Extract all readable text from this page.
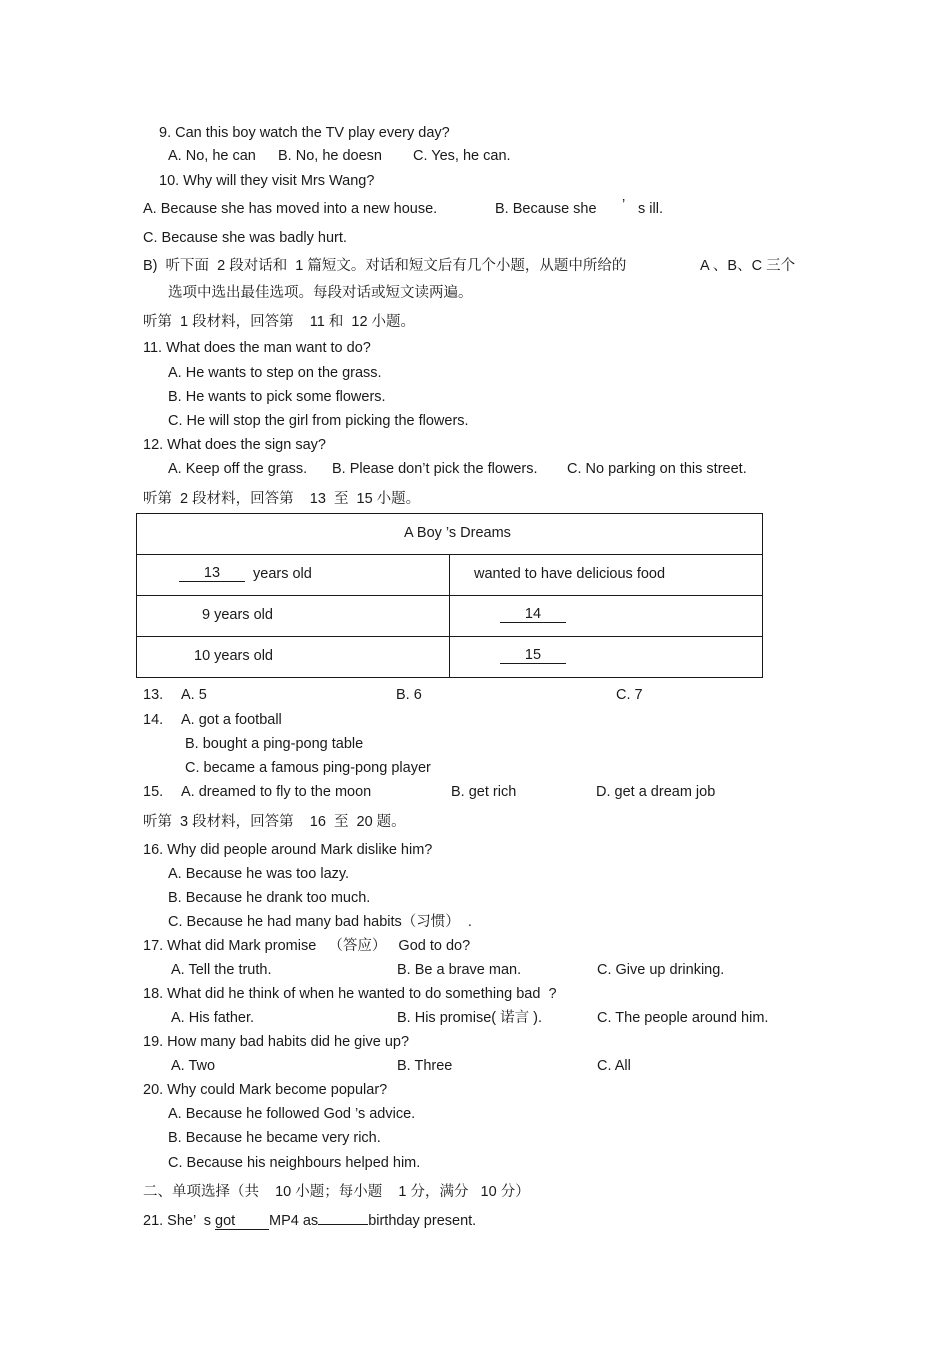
9. Can this boy watch the TV play every day?
A. No, he can B. No, he doesn C. Yes, he can.
10. Why will they visit Mrs Wang?
A. Because she has moved into a new house.	B. Because she ’ s ill.
C. Because she was badly hurt.
B)  听下面  2 段对话和  1 篇短文。对话和短文后有几个小题，从题中所给的	A 、B、C 三个
选项中选出最佳选项。每段对话或短文读两遍。
听第  1 段材料，回答第    11 和  12 小题。
11. What does the man want to do?
A. He wants to step on the grass.
B. He wants to pick some flowers.
C. He will stop the girl from picking the flowers.
12. What does the sign say?
A. Keep off the grass. B. Please don’t pick the flowers. C. No parking on this street.
听第  2 段材料，回答第    13  至  15 小题。
A Boy ’s Dreams	

13 years old	wanted to have delicious food

9 years old	14

10 years old	15
13. A. 5	B. 6	C. 7
14. A. got a football
B. bought a ping-pong table
C. became a famous ping-pong player
15. A. dreamed to fly to the moon	B. get rich	D. get a dream job
听第  3 段材料，回答第    16  至  20 题。
16. Why did people around Mark dislike him?
A. Because he was too lazy.
B. Because he drank too much.
C. Because he had many bad habits（习惯）  .
17. What did Mark promise   （答应）   God to do?
A. Tell the truth.	B. Be a brave man.	C. Give up drinking.
18. What did he think of when he wanted to do something bad  ?
A. His father.	B. His promise( 诺言 ).	C. The people around him.
19. How many bad habits did he give up?
A. Two	B. Three	C. All
20. Why could Mark become popular?
A. Because he followed God ’s advice.
B. Because he became very rich.
C. Because his neighbours helped him.
二、单项选择（共    10 小题；每小题    1 分，满分   10 分）
21. She’  s got MP4 as	birthday present.
